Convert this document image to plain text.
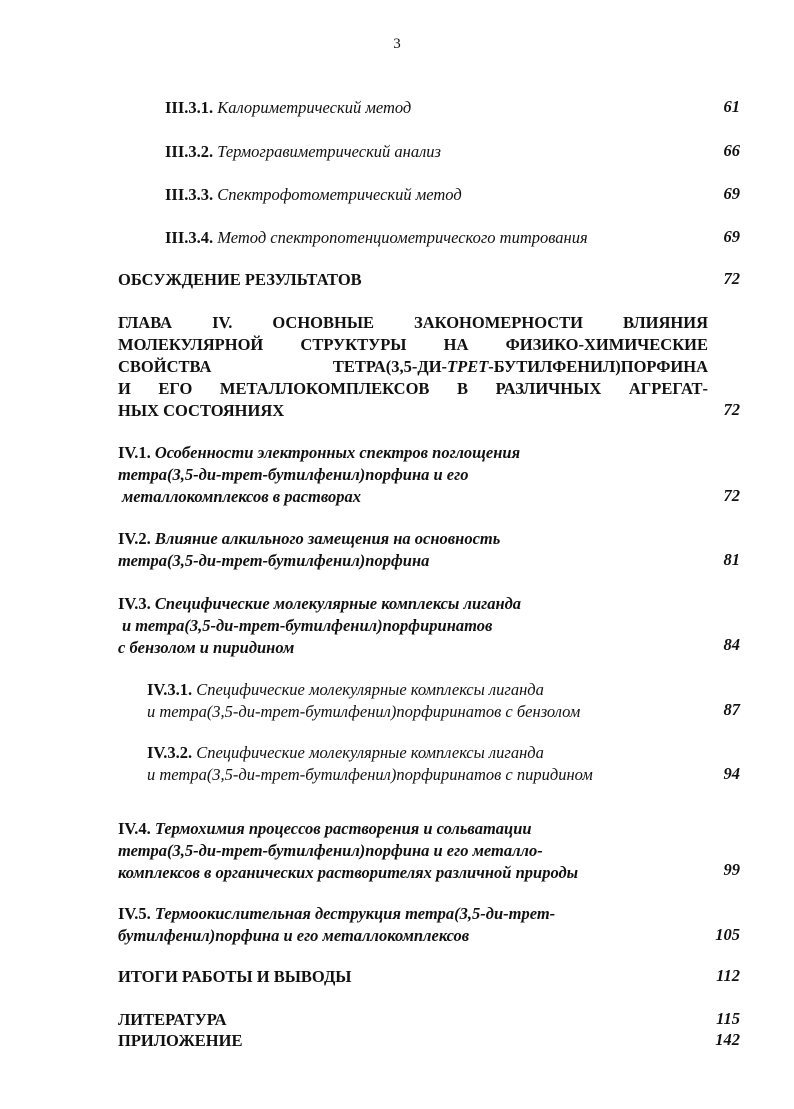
3
III.3.1. Калориметрический метод	61
III.3.2. Термогравиметрический анализ	66
III.3.3. Спектрофотометрический метод	69
III.3.4. Метод спектропотенциометрического титрования	69
ОБСУЖДЕНИЕ РЕЗУЛЬТАТОВ	72
ГЛАВА IV. ОСНОВНЫЕ ЗАКОНОМЕРНОСТИ ВЛИЯНИЯ
МОЛЕКУЛЯРНОЙ СТРУКТУРЫ НА ФИЗИКО-ХИМИЧЕСКИЕ
СВОЙСТВА ТЕТРА(3,5-ДИ-ТРЕТ-БУТИЛФЕНИЛ)ПОРФИНА
И ЕГО МЕТАЛЛОКОМПЛЕКСОВ В РАЗЛИЧНЫХ АГРЕГАТ-
НЫХ СОСТОЯНИЯХ	72
IV.1. Особенности электронных спектров поглощения
тетра(3,5-ди-трет-бутилфенил)порфина и его
металлокомплексов в растворах	72
IV.2. Влияние алкильного замещения на основность
тетра(3,5-ди-трет-бутилфенил)порфина	81
IV.3. Специфические молекулярные комплексы лиганда
и тетра(3,5-ди-трет-бутилфенил)порфиринатов
с бензолом и пиридином	84
IV.3.1. Специфические молекулярные комплексы лиганда
и тетра(3,5-ди-трет-бутилфенил)порфиринатов с бензолом	87
IV.3.2. Специфические молекулярные комплексы лиганда
и тетра(3,5-ди-трет-бутилфенил)порфиринатов с пиридином	94
IV.4. Термохимия процессов растворения и сольватации
тетра(3,5-ди-трет-бутилфенил)порфина и его металло-
комплексов в органических растворителях различной природы	99
IV.5. Термоокислительная деструкция тетра(3,5-ди-трет-
бутилфенил)порфина и его металлокомплексов	105
ИТОГИ РАБОТЫ И ВЫВОДЫ	112
ЛИТЕРАТУРА	115
ПРИЛОЖЕНИЕ	142
